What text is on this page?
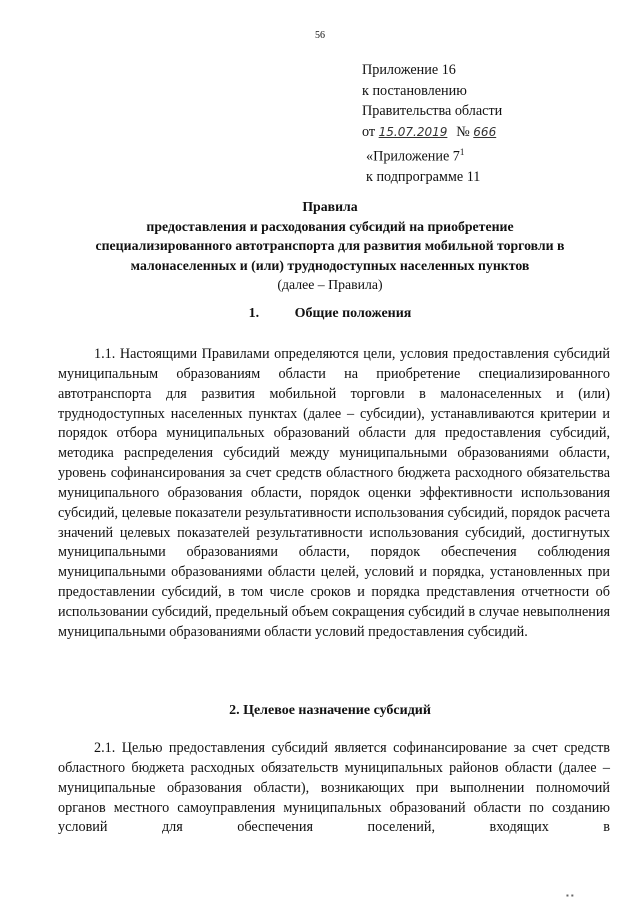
56
Приложение 16
к постановлению
Правительства области
от 15.07.2019 № 666
«Приложение $7^1$
к подпрограмме 11
Правила
предоставления и расходования субсидий на приобретение
специализированного автотранспорта для развития мобильной торговли в
малонаселенных и (или) труднодоступных населенных пунктов
(далее – Правила)
1.	Общие положения
1.1. Настоящими Правилами определяются цели, условия предоставления субсидий муниципальным образованиям области на приобретение специализированного автотранспорта для развития мобильной торговли в малонаселенных и (или) труднодоступных населенных пунктах (далее – субсидии), устанавливаются критерии и порядок отбора муниципальных образований области для предоставления субсидий, методика распределения субсидий между муниципальными образованиями области, уровень софинансирования за счет средств областного бюджета расходного обязательства муниципального образования области, порядок оценки эффективности использования субсидий, целевые показатели результативности использования субсидий, порядок расчета значений целевых показателей результативности использования субсидий, достигнутых муниципальными образованиями области, порядок обеспечения соблюдения муниципальными образованиями области целей, условий и порядка, установленных при предоставлении субсидий, в том числе сроков и порядка представления отчетности об использовании субсидий, предельный объем сокращения субсидий в случае невыполнения муниципальными образованиями области условий предоставления субсидий.
2. Целевое назначение субсидий
2.1. Целью предоставления субсидий является софинансирование за счет средств областного бюджета расходных обязательств муниципальных районов области (далее – муниципальные образования области), возникающих при выполнении полномочий органов местного самоуправления муниципальных образований области по созданию условий для обеспечения поселений, входящих в
▪ ▪
